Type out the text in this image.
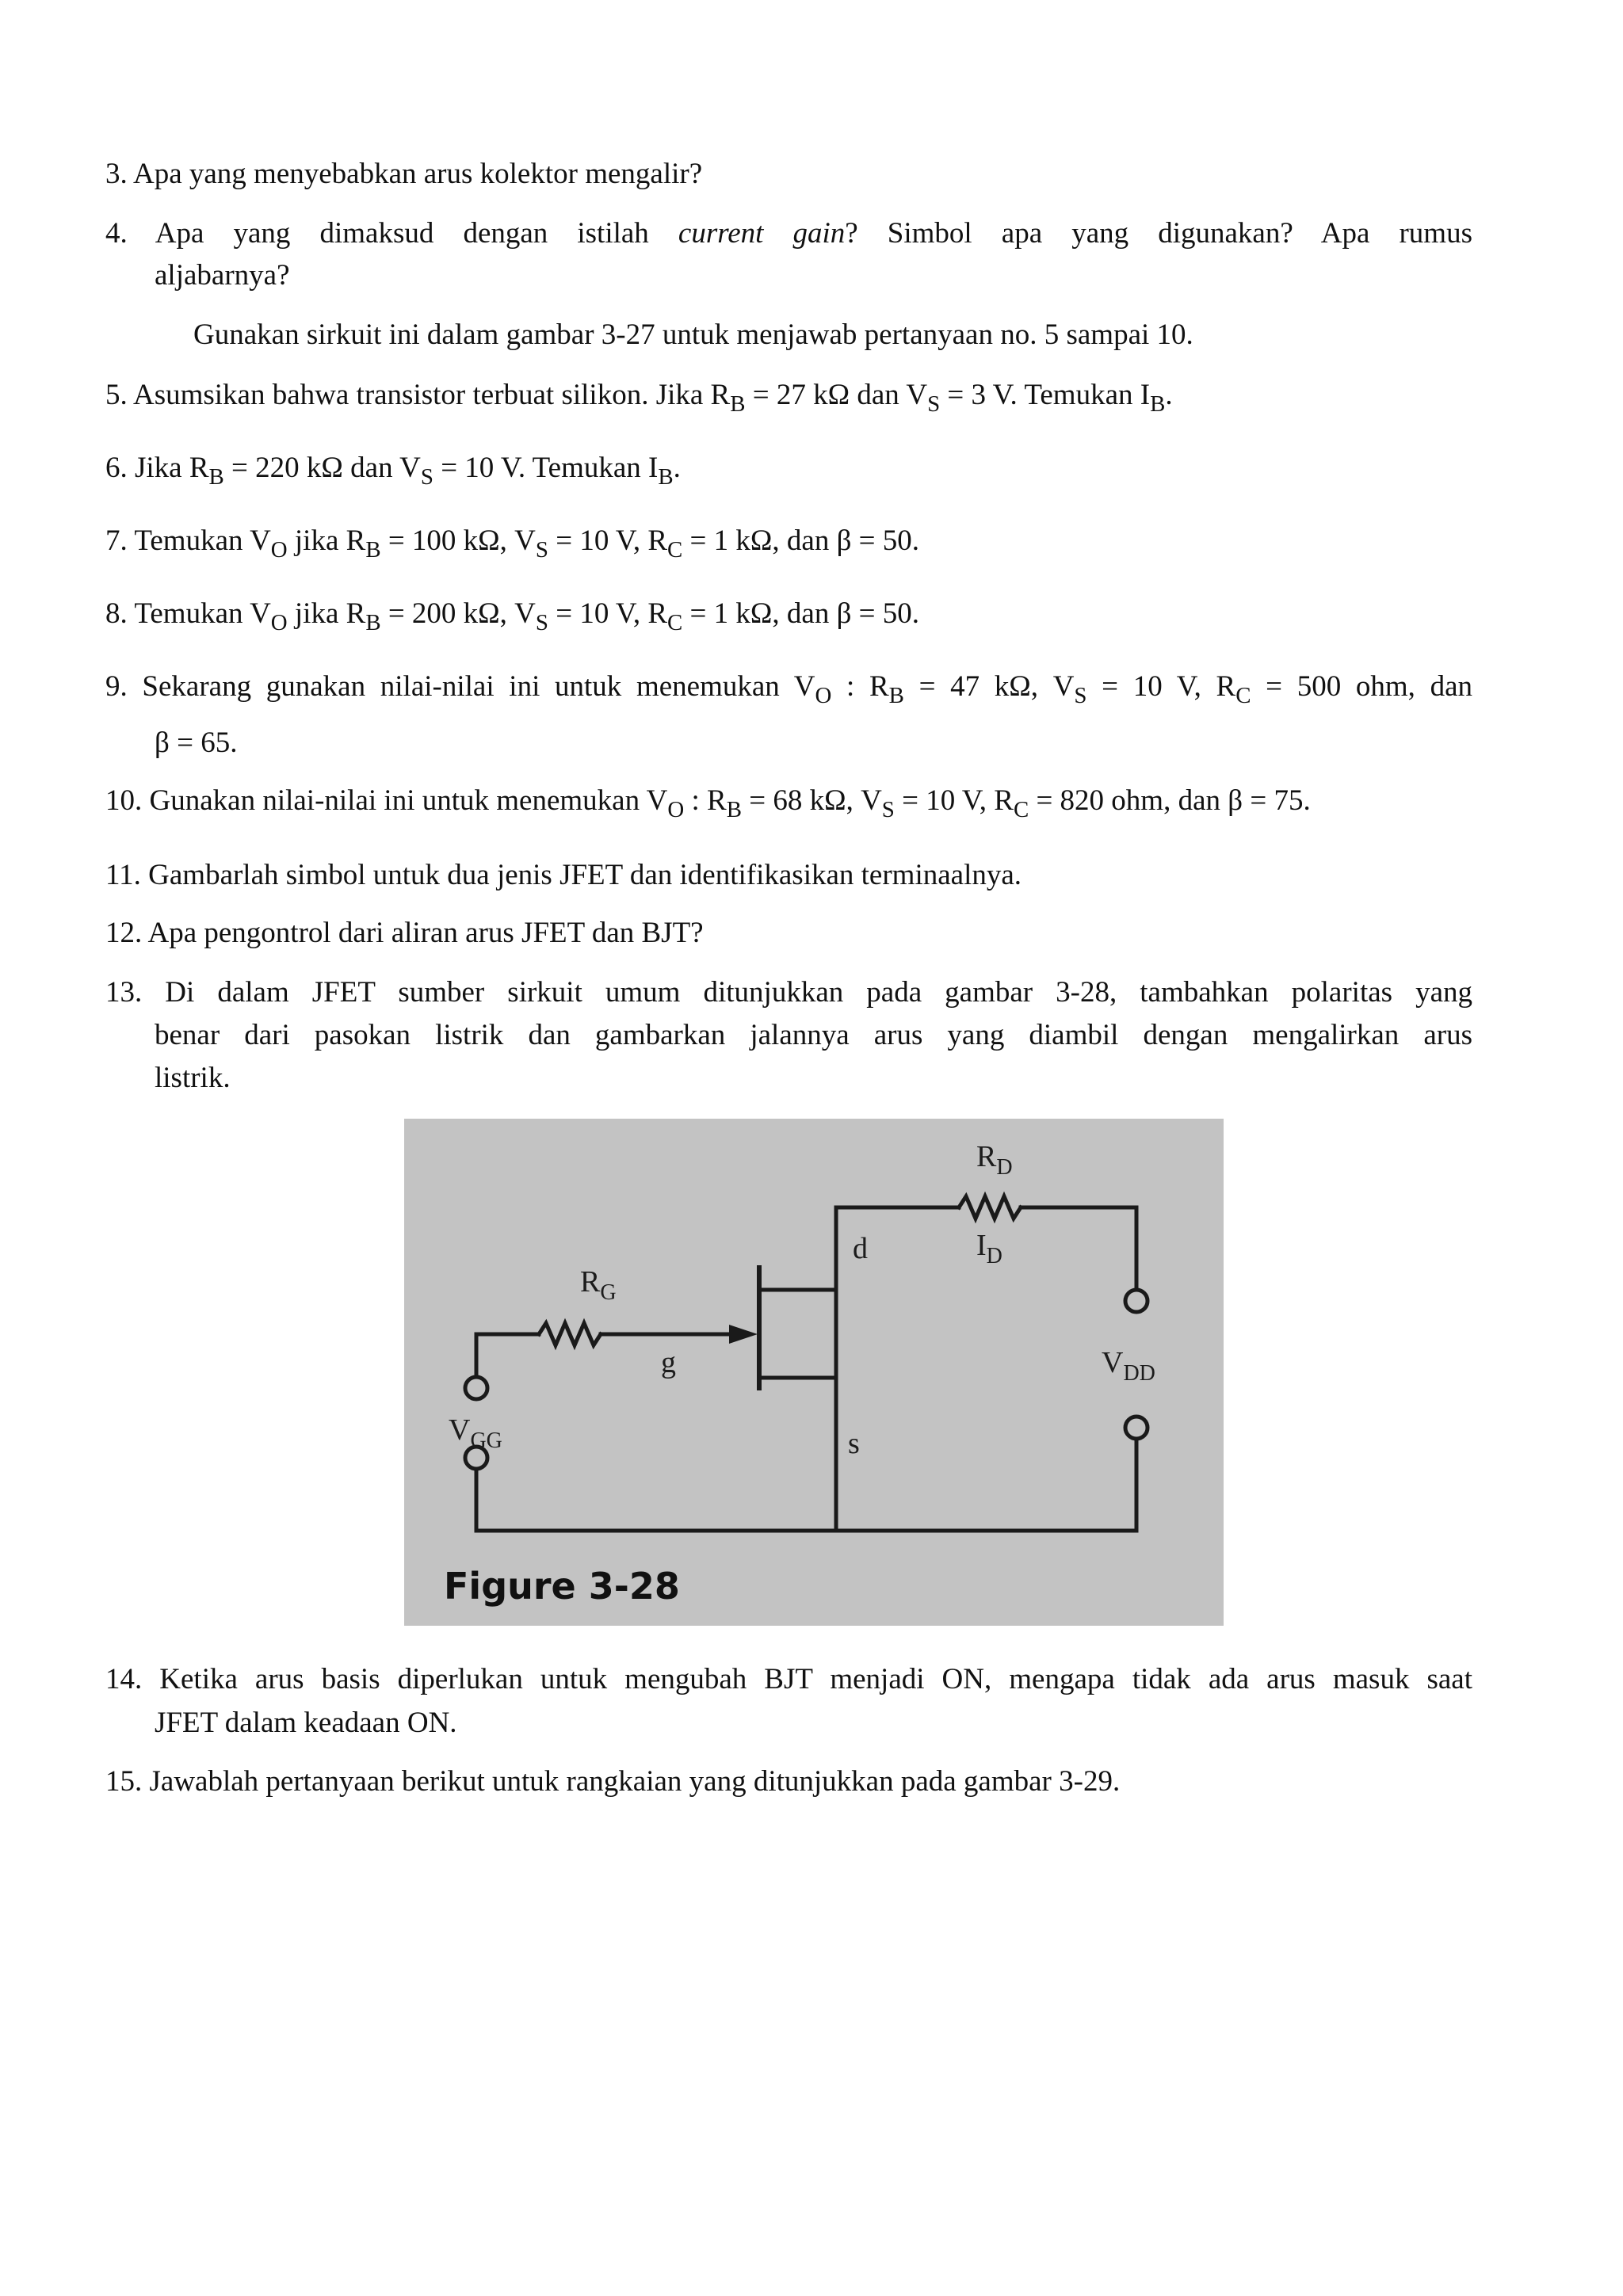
3. Apa yang menyebabkan arus kolektor mengalir?

4. Apa yang dimaksud dengan istilah current gain? Simbol apa yang digunakan? Apa rumus

aljabarnya?

Gunakan sirkuit ini dalam gambar 3-27 untuk menjawab pertanyaan no. 5 sampai 10.

5. Asumsikan bahwa transistor terbuat silikon. Jika $R_B = 27$ kΩ dan $V_S = 3$ V. Temukan $I_B$.

6. Jika $R_B = 220$ kΩ dan $V_S = 10$ V. Temukan $I_B$.

7. Temukan $V_O$ jika $R_B = 100$ kΩ, $V_S = 10$ V, $R_C = 1$ kΩ, dan β = 50.

8. Temukan $V_O$ jika $R_B = 200$ kΩ, $V_S = 10$ V, $R_C = 1$ kΩ, dan β = 50.

9. Sekarang gunakan nilai-nilai ini untuk menemukan $V_O$ : $R_B = 47$ kΩ, $V_S = 10$ V, $R_C = 500$ ohm, dan

β = 65.

10. Gunakan nilai-nilai ini untuk menemukan $V_O$ : $R_B = 68$ kΩ, $V_S = 10$ V, $R_C = 820$ ohm, dan β = 75.

11. Gambarlah simbol untuk dua jenis JFET dan identifikasikan terminaalnya.

12. Apa pengontrol dari aliran arus JFET dan BJT?

13. Di dalam JFET sumber sirkuit umum ditunjukkan pada gambar 3-28, tambahkan polaritas yang

benar dari pasokan listrik dan gambarkan jalannya arus yang diambil dengan mengalirkan arus

listrik.

$R_D$
$I_D$
$R_G$
$V_{GG}$
$V_{DD}$
d
g
s
Figure 3-28

14. Ketika arus basis diperlukan untuk mengubah BJT menjadi ON, mengapa tidak ada arus masuk saat

JFET dalam keadaan ON.

15. Jawablah pertanyaan berikut untuk rangkaian yang ditunjukkan pada gambar 3-29.
